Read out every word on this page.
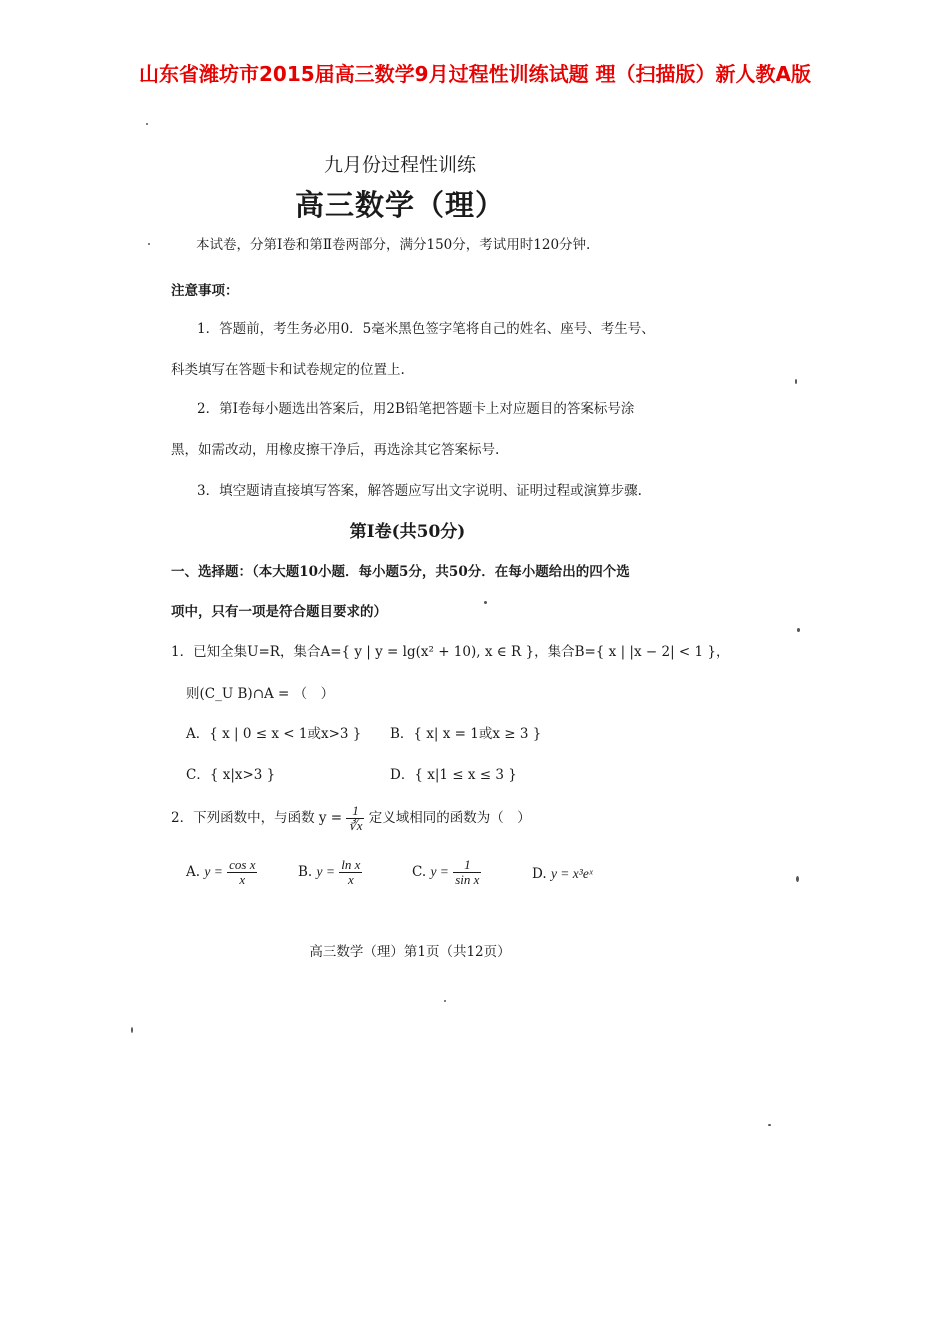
山东省潍坊市2015届高三数学9月过程性训练试题 理（扫描版）新人教A版
九月份过程性训练
高三数学（理）
本试卷，分第Ⅰ卷和第Ⅱ卷两部分，满分150分，考试用时120分钟.
注意事项：
1．答题前，考生务必用0．5毫米黑色签字笔将自己的姓名、座号、考生号、
科类填写在答题卡和试卷规定的位置上.
2．第Ⅰ卷每小题选出答案后，用2B铅笔把答题卡上对应题目的答案标号涂
黑，如需改动，用橡皮擦干净后，再选涂其它答案标号.
3．填空题请直接填写答案，解答题应写出文字说明、证明过程或演算步骤.
第Ⅰ卷(共50分)
一、选择题：（本大题10小题．每小题5分，共50分．在每小题给出的四个选
项中，只有一项是符合题目要求的）
1．已知全集U=R，集合A={ y | y = lg(x² + 10), x ∈ R }，集合B={ x | |x − 2| < 1 }，
则(C_U B)∩A = （　）
A．{ x | 0 ≤ x < 1或x>3 } B．{ x| x = 1或x ≥ 3 }
C．{ x|x>3 }	D．{ x|1 ≤ x ≤ 3 }
2．下列函数中，与函数 $y = \frac{1}{∛x}$ 定义域相同的函数为（　）
A. $y = \frac{\text{cos x}}{x}$	B. $y = \frac{\text{ln x}}{x}$	C. $y = \frac{1}{\text{sin x}}$	D. y = x³eˣ
高三数学（理）第1页（共12页）
